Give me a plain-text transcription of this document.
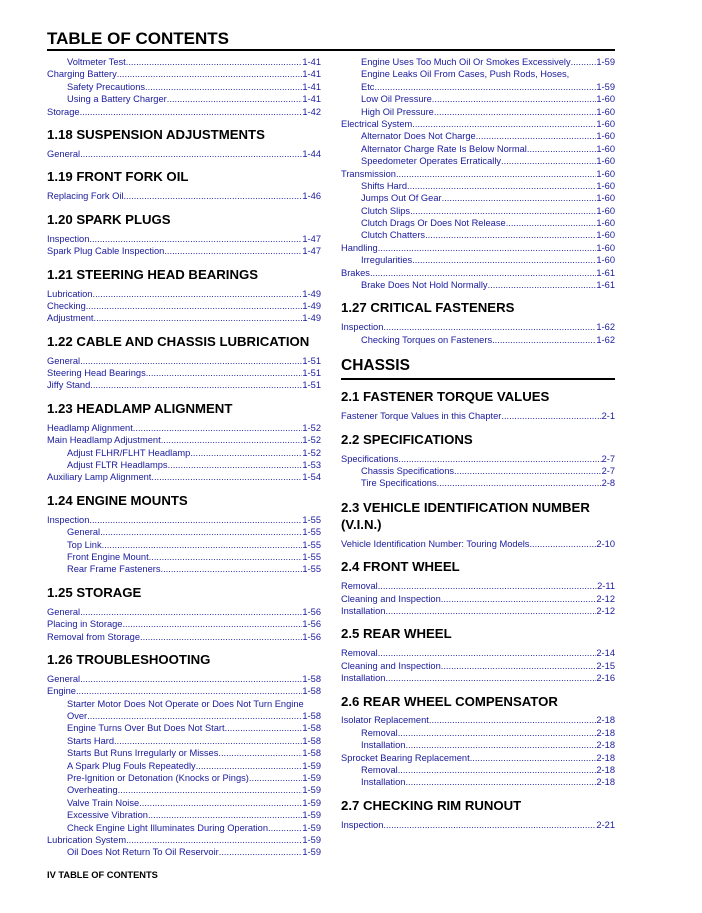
TABLE OF CONTENTS
Voltmeter Test .....	1-41
Charging Battery .....	1-41
Safety Precautions .....	1-41
Using a Battery Charger .....	1-41
Storage .....	1-42
1.18 SUSPENSION ADJUSTMENTS
General .....	1-44
1.19 FRONT FORK OIL
Replacing Fork Oil .....	1-46
1.20 SPARK PLUGS
Inspection .....	1-47
Spark Plug Cable Inspection .....	1-47
1.21 STEERING HEAD BEARINGS
Lubrication .....	1-49
Checking .....	1-49
Adjustment .....	1-49
1.22 CABLE AND CHASSIS LUBRICATION
General .....	1-51
Steering Head Bearings .....	1-51
Jiffy Stand .....	1-51
1.23 HEADLAMP ALIGNMENT
Headlamp Alignment .....	1-52
Main Headlamp Adjustment .....	1-52
Adjust FLHR/FLHT Headlamp .....	1-52
Adjust FLTR Headlamps .....	1-53
Auxiliary Lamp Alignment .....	1-54
1.24 ENGINE MOUNTS
Inspection .....	1-55
General .....	1-55
Top Link .....	1-55
Front Engine Mount .....	1-55
Rear Frame Fasteners .....	1-55
1.25 STORAGE
General .....	1-56
Placing in Storage .....	1-56
Removal from Storage .....	1-56
1.26 TROUBLESHOOTING
General .....	1-58
Engine .....	1-58
Starter Motor Does Not Operate or Does Not Turn Engine
Over .....	1-58
Engine Turns Over But Does Not Start .....	1-58
Starts Hard .....	1-58
Starts But Runs Irregularly or Misses .....	1-58
A Spark Plug Fouls Repeatedly .....	1-59
Pre-Ignition or Detonation (Knocks or Pings) .....	1-59
Overheating .....	1-59
Valve Train Noise .....	1-59
Excessive Vibration .....	1-59
Check Engine Light Illuminates During Operation .....	1-59
Lubrication System .....	1-59
Oil Does Not Return To Oil Reservoir .....	1-59
Engine Uses Too Much Oil Or Smokes Excessively .....	1-59
Engine Leaks Oil From Cases, Push Rods, Hoses,
Etc .....	1-59
Low Oil Pressure .....	1-60
High Oil Pressure .....	1-60
Electrical System .....	1-60
Alternator Does Not Charge .....	1-60
Alternator Charge Rate Is Below Normal .....	1-60
Speedometer Operates Erratically .....	1-60
Transmission .....	1-60
Shifts Hard .....	1-60
Jumps Out Of Gear .....	1-60
Clutch Slips .....	1-60
Clutch Drags Or Does Not Release .....	1-60
Clutch Chatters .....	1-60
Handling .....	1-60
Irregularities .....	1-60
Brakes .....	1-61
Brake Does Not Hold Normally .....	1-61
1.27 CRITICAL FASTENERS
Inspection .....	1-62
Checking Torques on Fasteners .....	1-62
CHASSIS
2.1 FASTENER TORQUE VALUES
Fastener Torque Values in this Chapter .....	2-1
2.2 SPECIFICATIONS
Specifications .....	2-7
Chassis Specifications .....	2-7
Tire Specifications .....	2-8
2.3 VEHICLE IDENTIFICATION NUMBER (V.I.N.)
Vehicle Identification Number: Touring Models .....	2-10
2.4 FRONT WHEEL
Removal .....	2-11
Cleaning and Inspection .....	2-12
Installation .....	2-12
2.5 REAR WHEEL
Removal .....	2-14
Cleaning and Inspection .....	2-15
Installation .....	2-16
2.6 REAR WHEEL COMPENSATOR
Isolator Replacement .....	2-18
Removal .....	2-18
Installation .....	2-18
Sprocket Bearing Replacement .....	2-18
Removal .....	2-18
Installation .....	2-18
2.7 CHECKING RIM RUNOUT
Inspection .....	2-21
IV TABLE OF CONTENTS
